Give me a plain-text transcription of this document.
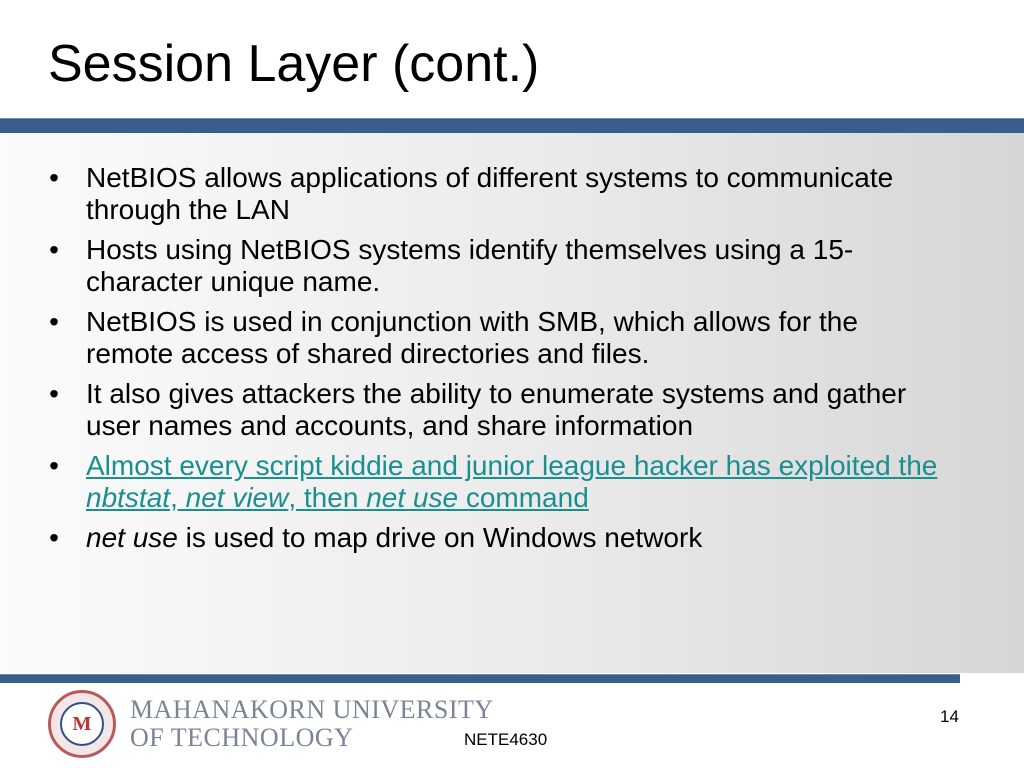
Session Layer (cont.)
• NetBIOS allows applications of different systems to communicate through the LAN
• Hosts using NetBIOS systems identify themselves using a 15-character unique name.
• NetBIOS is used in conjunction with SMB, which allows for the remote access of shared directories and files.
• It also gives attackers the ability to enumerate systems and gather user names and accounts, and share information
• Almost every script kiddie and junior league hacker has exploited the nbtstat, net view, then net use command
• net use is used to map drive on Windows network
M	MAHANAKORN UNIVERSITY
OF TECHNOLOGY	NETE4630
14
